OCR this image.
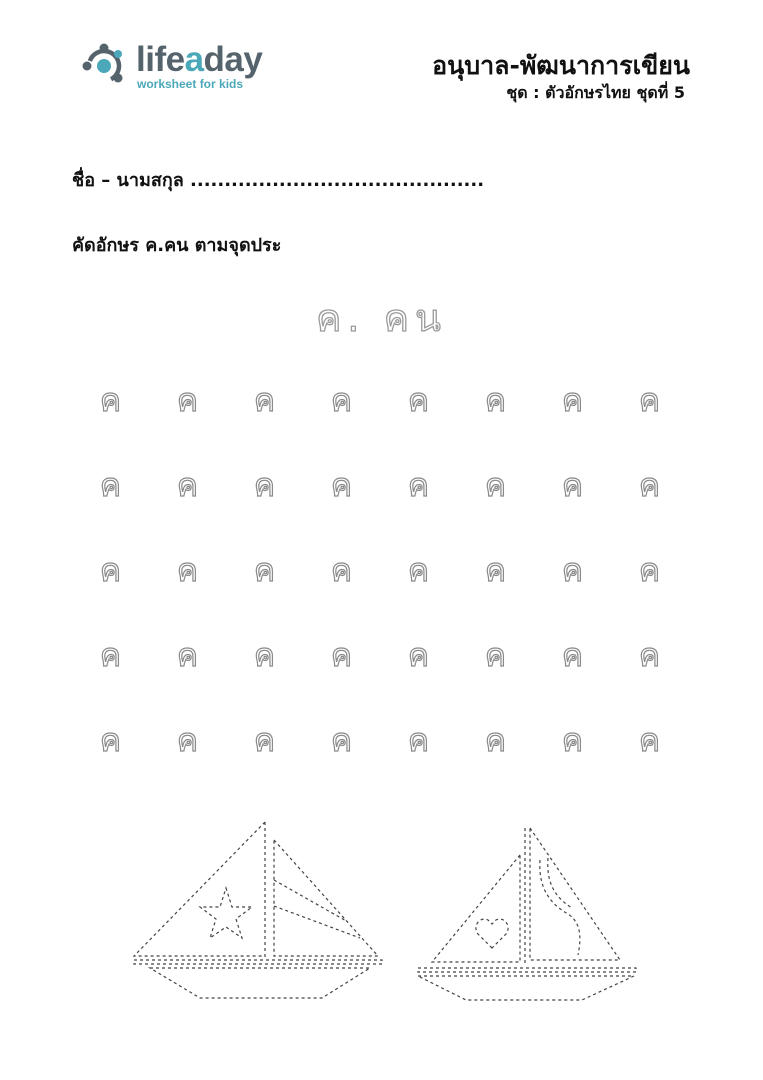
lifeaday
worksheet for kids
อนุบาล-พัฒนาการเขียน
ชุด : ตัวอักษรไทย ชุดที่ 5
ชื่อ – นามสกุล ...........................................
คัดอักษร ค.คน ตามจุดประ
ค. คน
ค	ค	ค	ค	ค	ค	ค	ค
ค	ค	ค	ค	ค	ค	ค	ค
ค	ค	ค	ค	ค	ค	ค	ค
ค	ค	ค	ค	ค	ค	ค	ค
ค	ค	ค	ค	ค	ค	ค	ค
